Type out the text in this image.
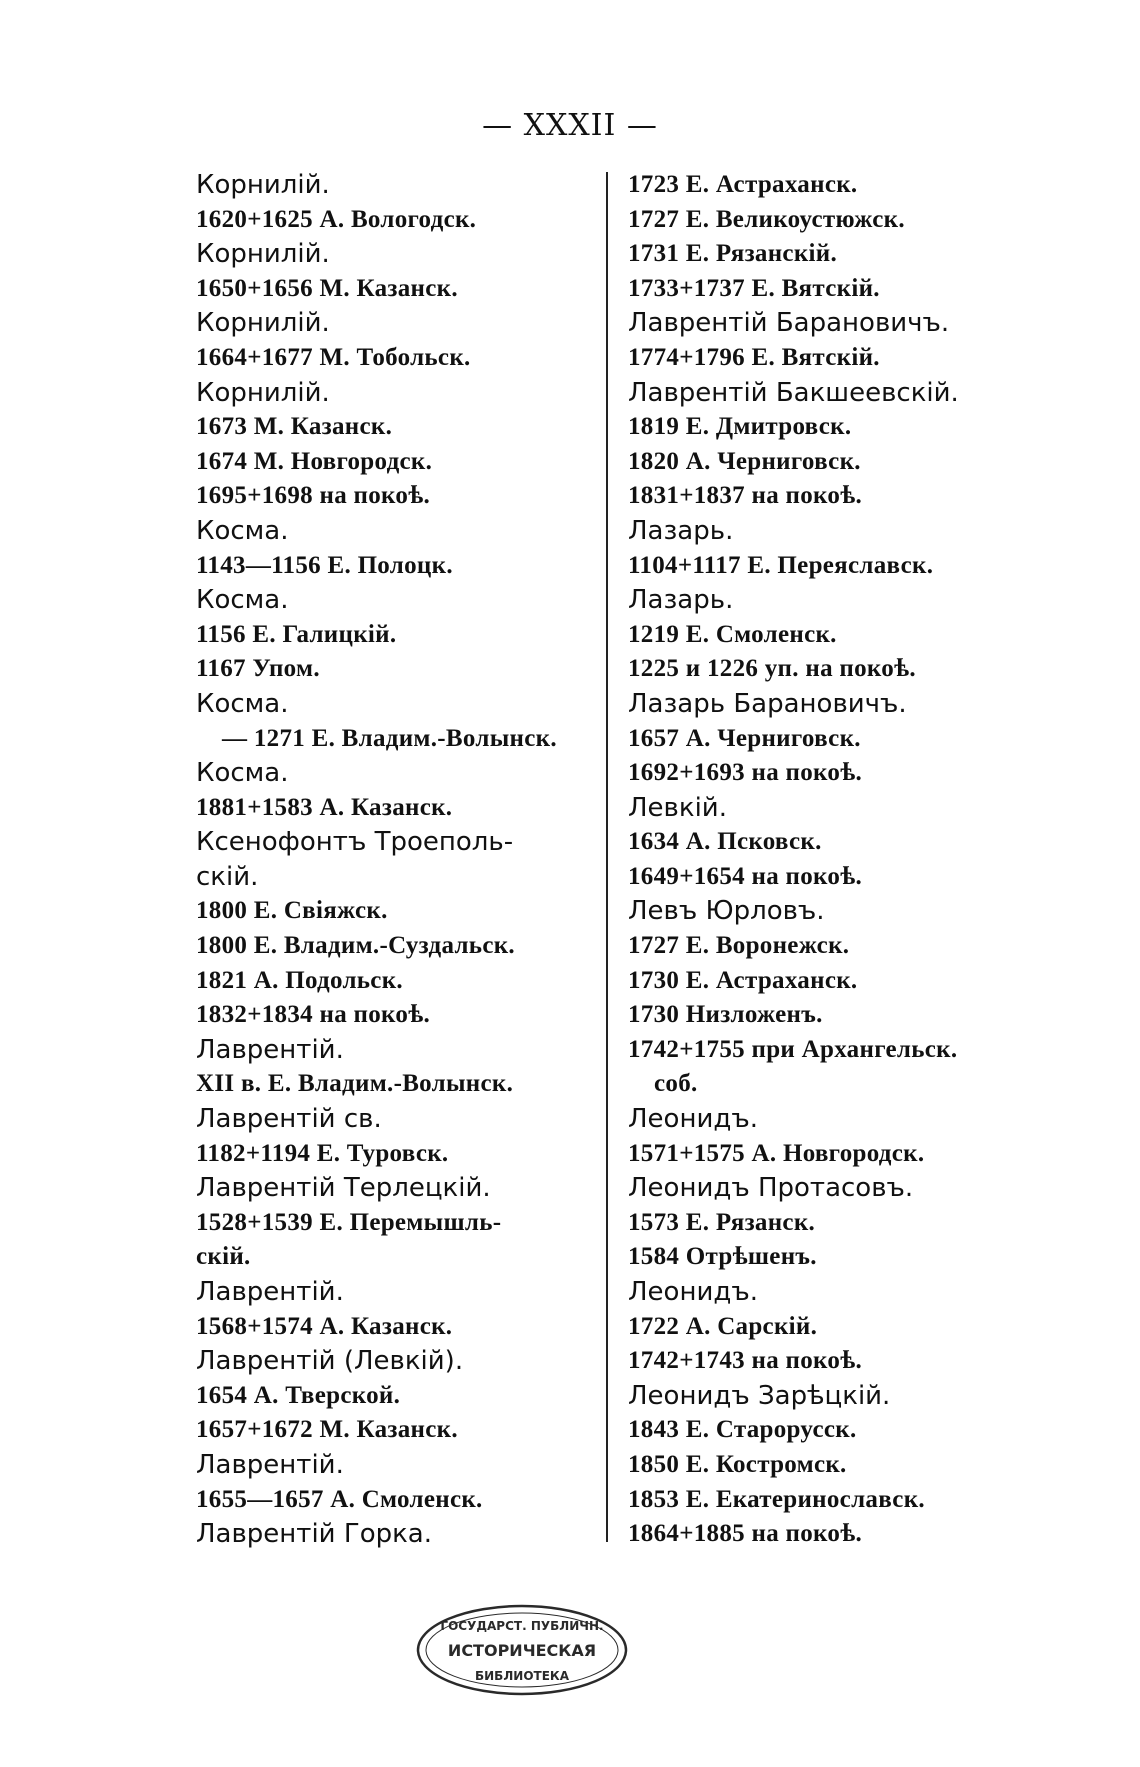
— XXXII —
Корнилій.
1620+1625 А. Вологодск.
Корнилій.
1650+1656 М. Казанск.
Корнилій.
1664+1677 М. Тобольск.
Корнилій.
1673 М. Казанск.
1674 М. Новгородск.
1695+1698 на покоѣ.
Косма.
1143—1156 Е. Полоцк.
Косма.
1156 Е. Галицкій.
1167 Упом.
Косма.
— 1271 Е. Владим.-Волынск.
Косма.
1881+1583 А. Казанск.
Ксенофонтъ Троеполь-
скій.
1800 Е. Свіяжск.
1800 Е. Владим.-Суздальск.
1821 А. Подольск.
1832+1834 на покоѣ.
Лаврентій.
XII в. Е. Владим.-Волынск.
Лаврентій св.
1182+1194 Е. Туровск.
Лаврентій Терлецкій.
1528+1539 Е. Перемышль-
скій.
Лаврентій.
1568+1574 А. Казанск.
Лаврентій (Левкій).
1654 А. Тверской.
1657+1672 М. Казанск.
Лаврентій.
1655—1657 А. Смоленск.
Лаврентій Горка.
1723 Е. Астраханск.
1727 Е. Великоустюжск.
1731 Е. Рязанскій.
1733+1737 Е. Вятскій.
Лаврентій Барановичъ.
1774+1796 Е. Вятскій.
Лаврентій Бакшеевскій.
1819 Е. Дмитровск.
1820 А. Черниговск.
1831+1837 на покоѣ.
Лазарь.
1104+1117 Е. Переяславск.
Лазарь.
1219 Е. Смоленск.
1225 и 1226 уп. на покоѣ.
Лазарь Барановичъ.
1657 А. Черниговск.
1692+1693 на покоѣ.
Левкій.
1634 А. Псковск.
1649+1654 на покоѣ.
Левъ Юрловъ.
1727 Е. Воронежск.
1730 Е. Астраханск.
1730 Низложенъ.
1742+1755 при Архангельск.
соб.
Леонидъ.
1571+1575 А. Новгородск.
Леонидъ Протасовъ.
1573 Е. Рязанск.
1584 Отрѣшенъ.
Леонидъ.
1722 А. Сарскій.
1742+1743 на покоѣ.
Леонидъ Зарѣцкій.
1843 Е. Старорусск.
1850 Е. Костромск.
1853 Е. Екатеринославск.
1864+1885 на покоѣ.
ГОСУДАРСТ. ПУБЛИЧН.
ИСТОРИЧЕСКАЯ
БИБЛИОТЕКА
